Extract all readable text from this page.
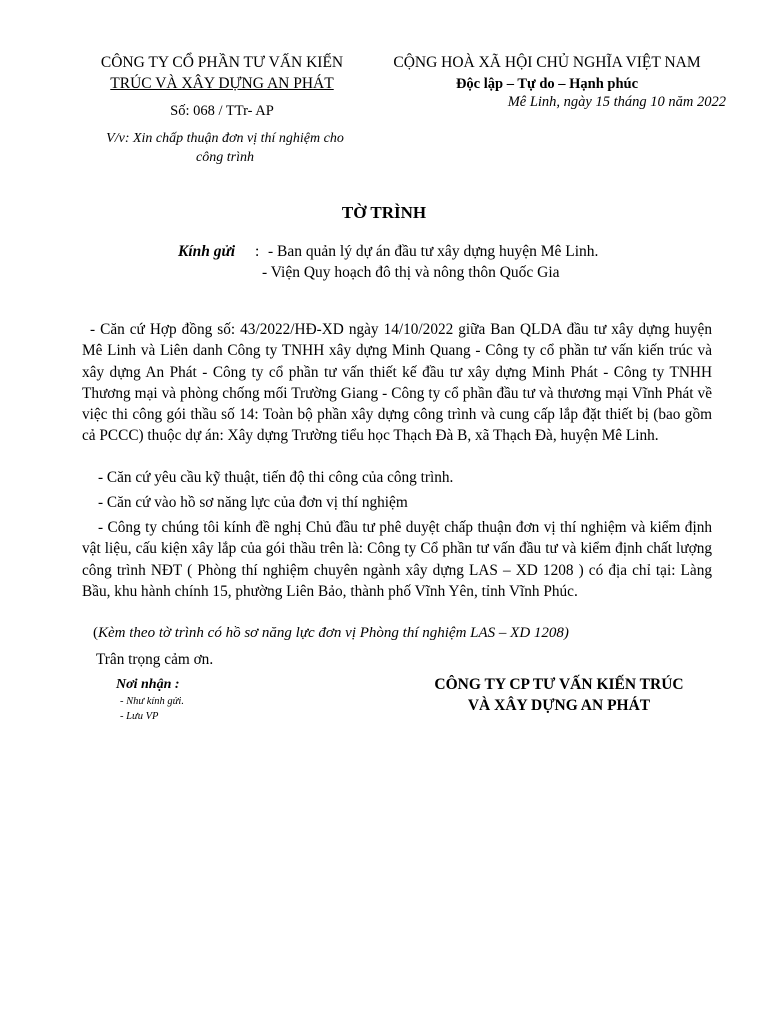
CÔNG TY CỔ PHẦN TƯ VẤN KIẾN
TRÚC VÀ XÂY DỰNG AN PHÁT
Số: 068 / TTr- AP
V/v: Xin chấp thuận đơn vị thí nghiệm cho
công trình
CỘNG HOÀ XÃ HỘI CHỦ NGHĨA VIỆT NAM
Độc lập – Tự do – Hạnh phúc
Mê Linh, ngày 15 tháng 10 năm 2022
TỜ TRÌNH
Kính gửi : - Ban quản lý dự án đầu tư xây dựng huyện Mê Linh.
- Viện Quy hoạch đô thị và nông thôn Quốc Gia
- Căn cứ Hợp đồng số: 43/2022/HĐ-XD ngày 14/10/2022 giữa Ban QLDA đầu tư xây dựng huyện Mê Linh và Liên danh Công ty TNHH xây dựng Minh Quang - Công ty cổ phần tư vấn kiến trúc và xây dựng An Phát - Công ty cổ phần tư vấn thiết kế đầu tư xây dựng Minh Phát - Công ty TNHH Thương mại và phòng chống mối Trường Giang - Công ty cổ phần đầu tư và thương mại Vĩnh Phát về việc thi công gói thầu số 14: Toàn bộ phần xây dựng công trình và cung cấp lắp đặt thiết bị (bao gồm cả PCCC) thuộc dự án: Xây dựng Trường tiểu học Thạch Đà B, xã Thạch Đà, huyện Mê Linh.
- Căn cứ yêu cầu kỹ thuật, tiến độ thi công của công trình.
- Căn cứ vào hồ sơ năng lực của đơn vị thí nghiệm
- Công ty chúng tôi kính đề nghị Chủ đầu tư phê duyệt chấp thuận đơn vị thí nghiệm và kiểm định vật liệu, cấu kiện xây lắp của gói thầu trên là: Công ty Cổ phần tư vấn đầu tư và kiểm định chất lượng công trình NĐT ( Phòng thí nghiệm chuyên ngành xây dựng LAS – XD 1208 ) có địa chỉ tại: Làng Bầu, khu hành chính 15, phường Liên Bảo, thành phố Vĩnh Yên, tỉnh Vĩnh Phúc.
(Kèm theo tờ trình có hồ sơ năng lực đơn vị Phòng thí nghiệm LAS – XD 1208)
Trân trọng cảm ơn.
Nơi nhận :
- Như kính gửi.
- Lưu VP
CÔNG TY CP TƯ VẤN KIẾN TRÚC
VÀ XÂY DỰNG AN PHÁT
